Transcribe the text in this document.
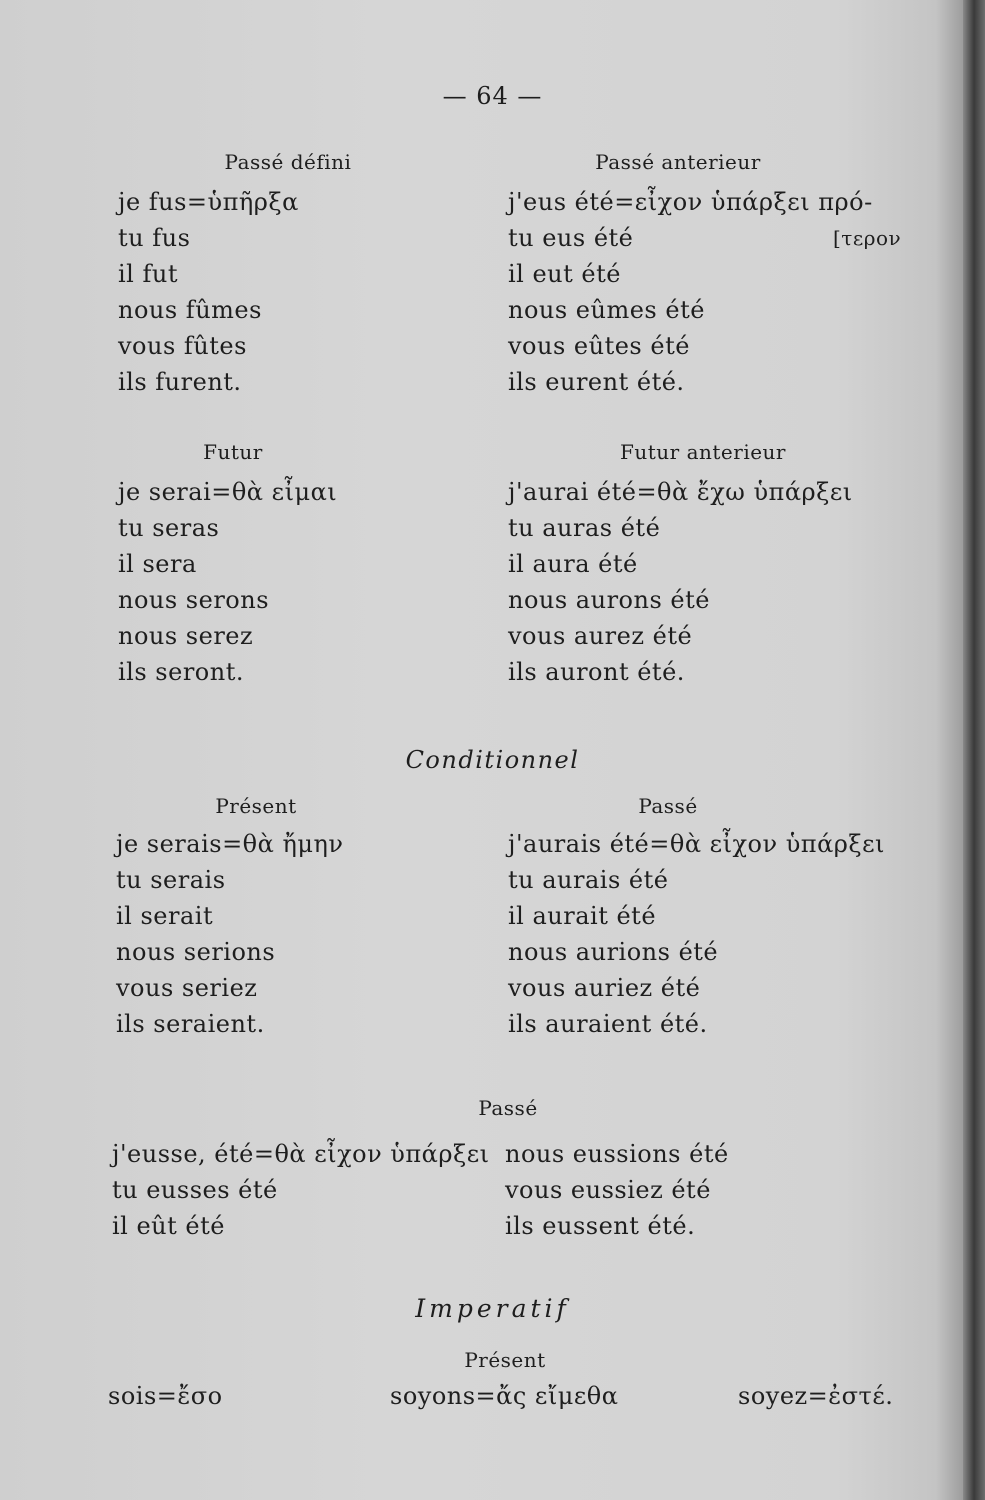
— 64 —
Passé défini
je fus=ὑπῆρξα
tu fus
il fut
nous fûmes
vous fûtes
ils furent.
Passé anterieur
j'eus été=εἶχον ὑπάρξει πρό-
tu eus été
il eut été
nous eûmes été
vous eûtes été
ils eurent été.
[τερον
Futur
je serai=θὰ εἶμαι
tu seras
il sera
nous serons
nous serez
ils seront.
Futur anterieur
j'aurai été=θὰ ἔχω ὑπάρξει
tu auras été
il aura été
nous aurons été
vous aurez été
ils auront été.
Conditionnel
Présent
je serais=θὰ ἤμην
tu serais
il serait
nous serions
vous seriez
ils seraient.
Passé
j'aurais été=θὰ εἶχον ὑπάρξει
tu aurais été
il aurait été
nous aurions été
vous auriez été
ils auraient été.
Passé
j'eusse, été=θὰ εἶχον ὑπάρξει
tu eusses été
il eût été
nous eussions été
vous eussiez été
ils eussent été.
Imperatif
Présent
sois=ἔσο	soyons=ἄς εἴμεθα	soyez=ἐστέ.
